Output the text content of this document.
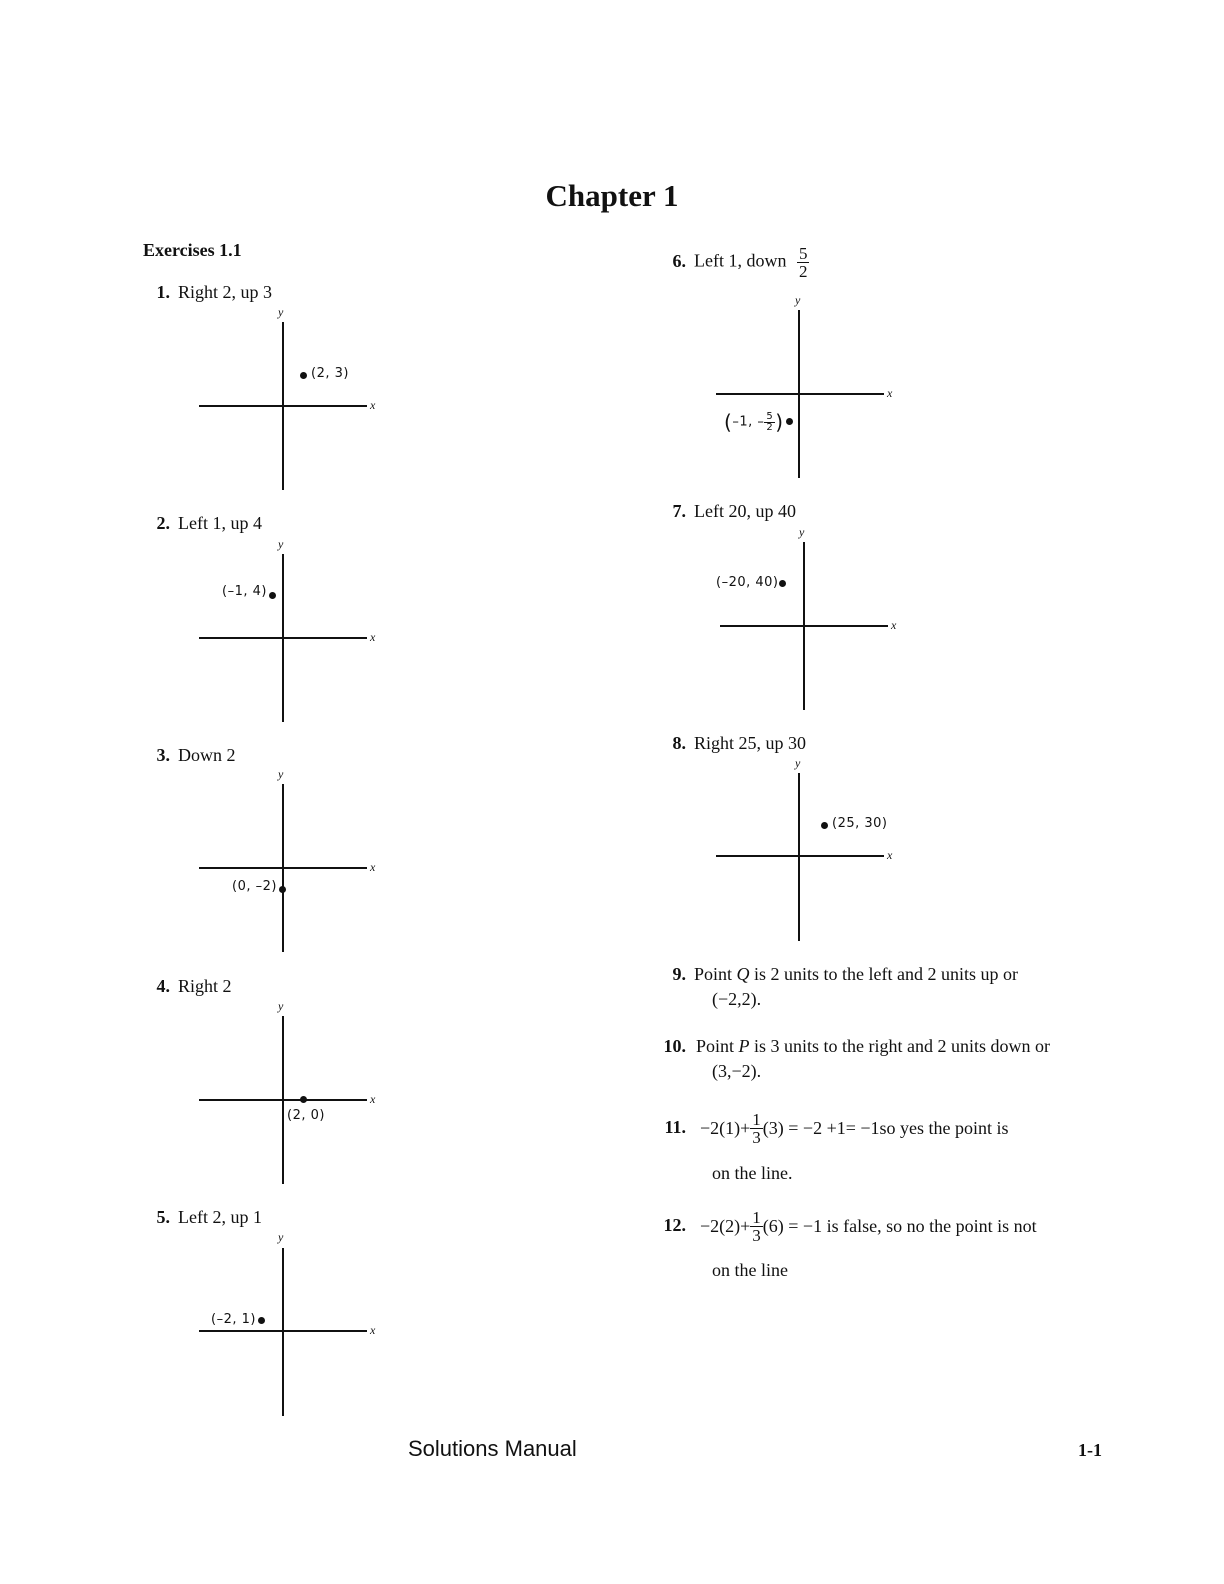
Chapter 1
Exercises 1.1
1. Right 2, up 3
x
y
(2, 3)
2. Left 1, up 4
x
y
(–1, 4)
3. Down 2
x
y
(0, –2)
4. Right 2
x
y
(2, 0)
5. Left 2, up 1
x
y
(–2, 1)
6. Left 1, down $\frac{5}{2}$
x
y
(–1, – $\frac{5}{2}$ )
7. Left 20, up 40
x
y
(–20, 40)
8. Right 25, up 30
x
y
(25, 30)
9. Point Q is 2 units to the left and 2 units up or
(−2,2).
10. Point P is 3 units to the right and 2 units down or
(3,−2).
11. $-2(1)+ \frac{1}{3} (3) = -2 +1= -1so$ yes the point is
on the line.
12. $-2(2)+ \frac{1}{3} (6) = -1$ is false, so no the point is not
on the line
Solutions Manual	1-1
